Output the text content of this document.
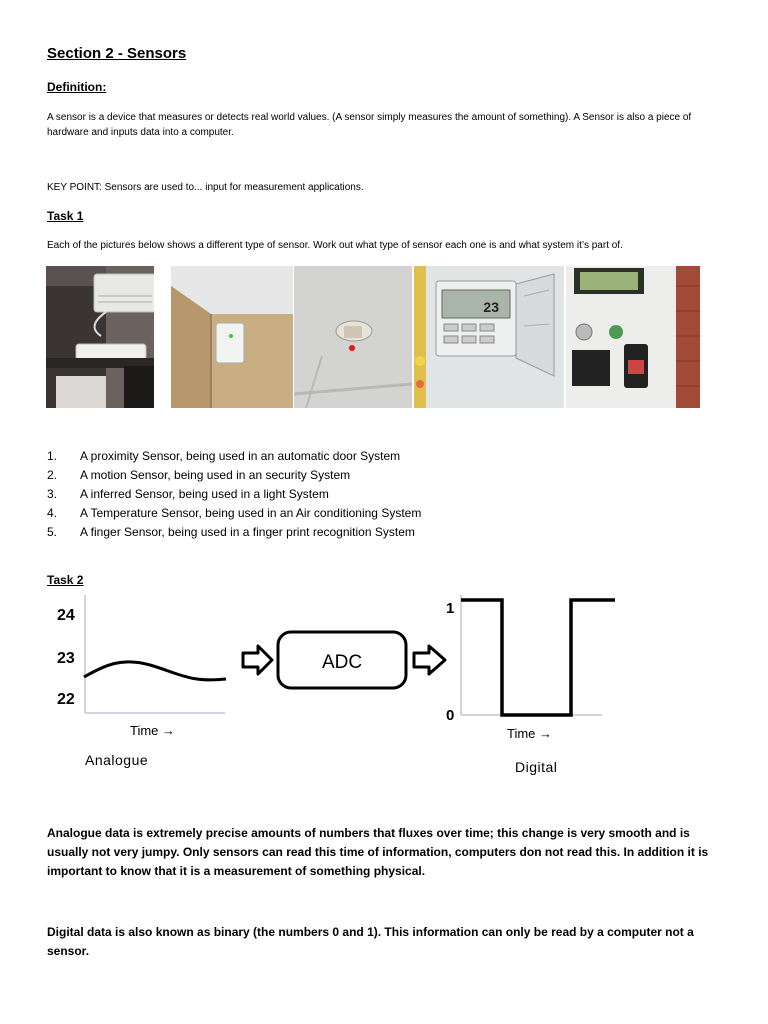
Section 2 - Sensors
Definition:
A sensor is a device that measures or detects real world values. (A sensor simply measures the amount of something). A Sensor is also a piece of hardware and inputs data into a computer.
KEY POINT: Sensors are used to... input for measurement applications.
Task 1
Each of the pictures below shows a different type of sensor. Work out what type of sensor each one is and what system it’s part of.
23
1. A proximity Sensor, being used in an automatic door System
2. A motion Sensor, being used in an security System
3. A inferred Sensor, being used in a light System
4. A Temperature Sensor, being used in an Air conditioning System
5. A finger Sensor, being used in a finger print recognition System
Task 2
24
23
22
Time →
Analogue
ADC
1
0
Time →
Digital
Analogue data is extremely precise amounts of numbers that fluxes over time; this change is very smooth and is usually not very jumpy. Only sensors can read this time of information, computers don not read this. In addition it is important to know that it is a measurement of something physical.
Digital data is also known as binary (the numbers 0 and 1). This information can only be read by a computer not a sensor.
